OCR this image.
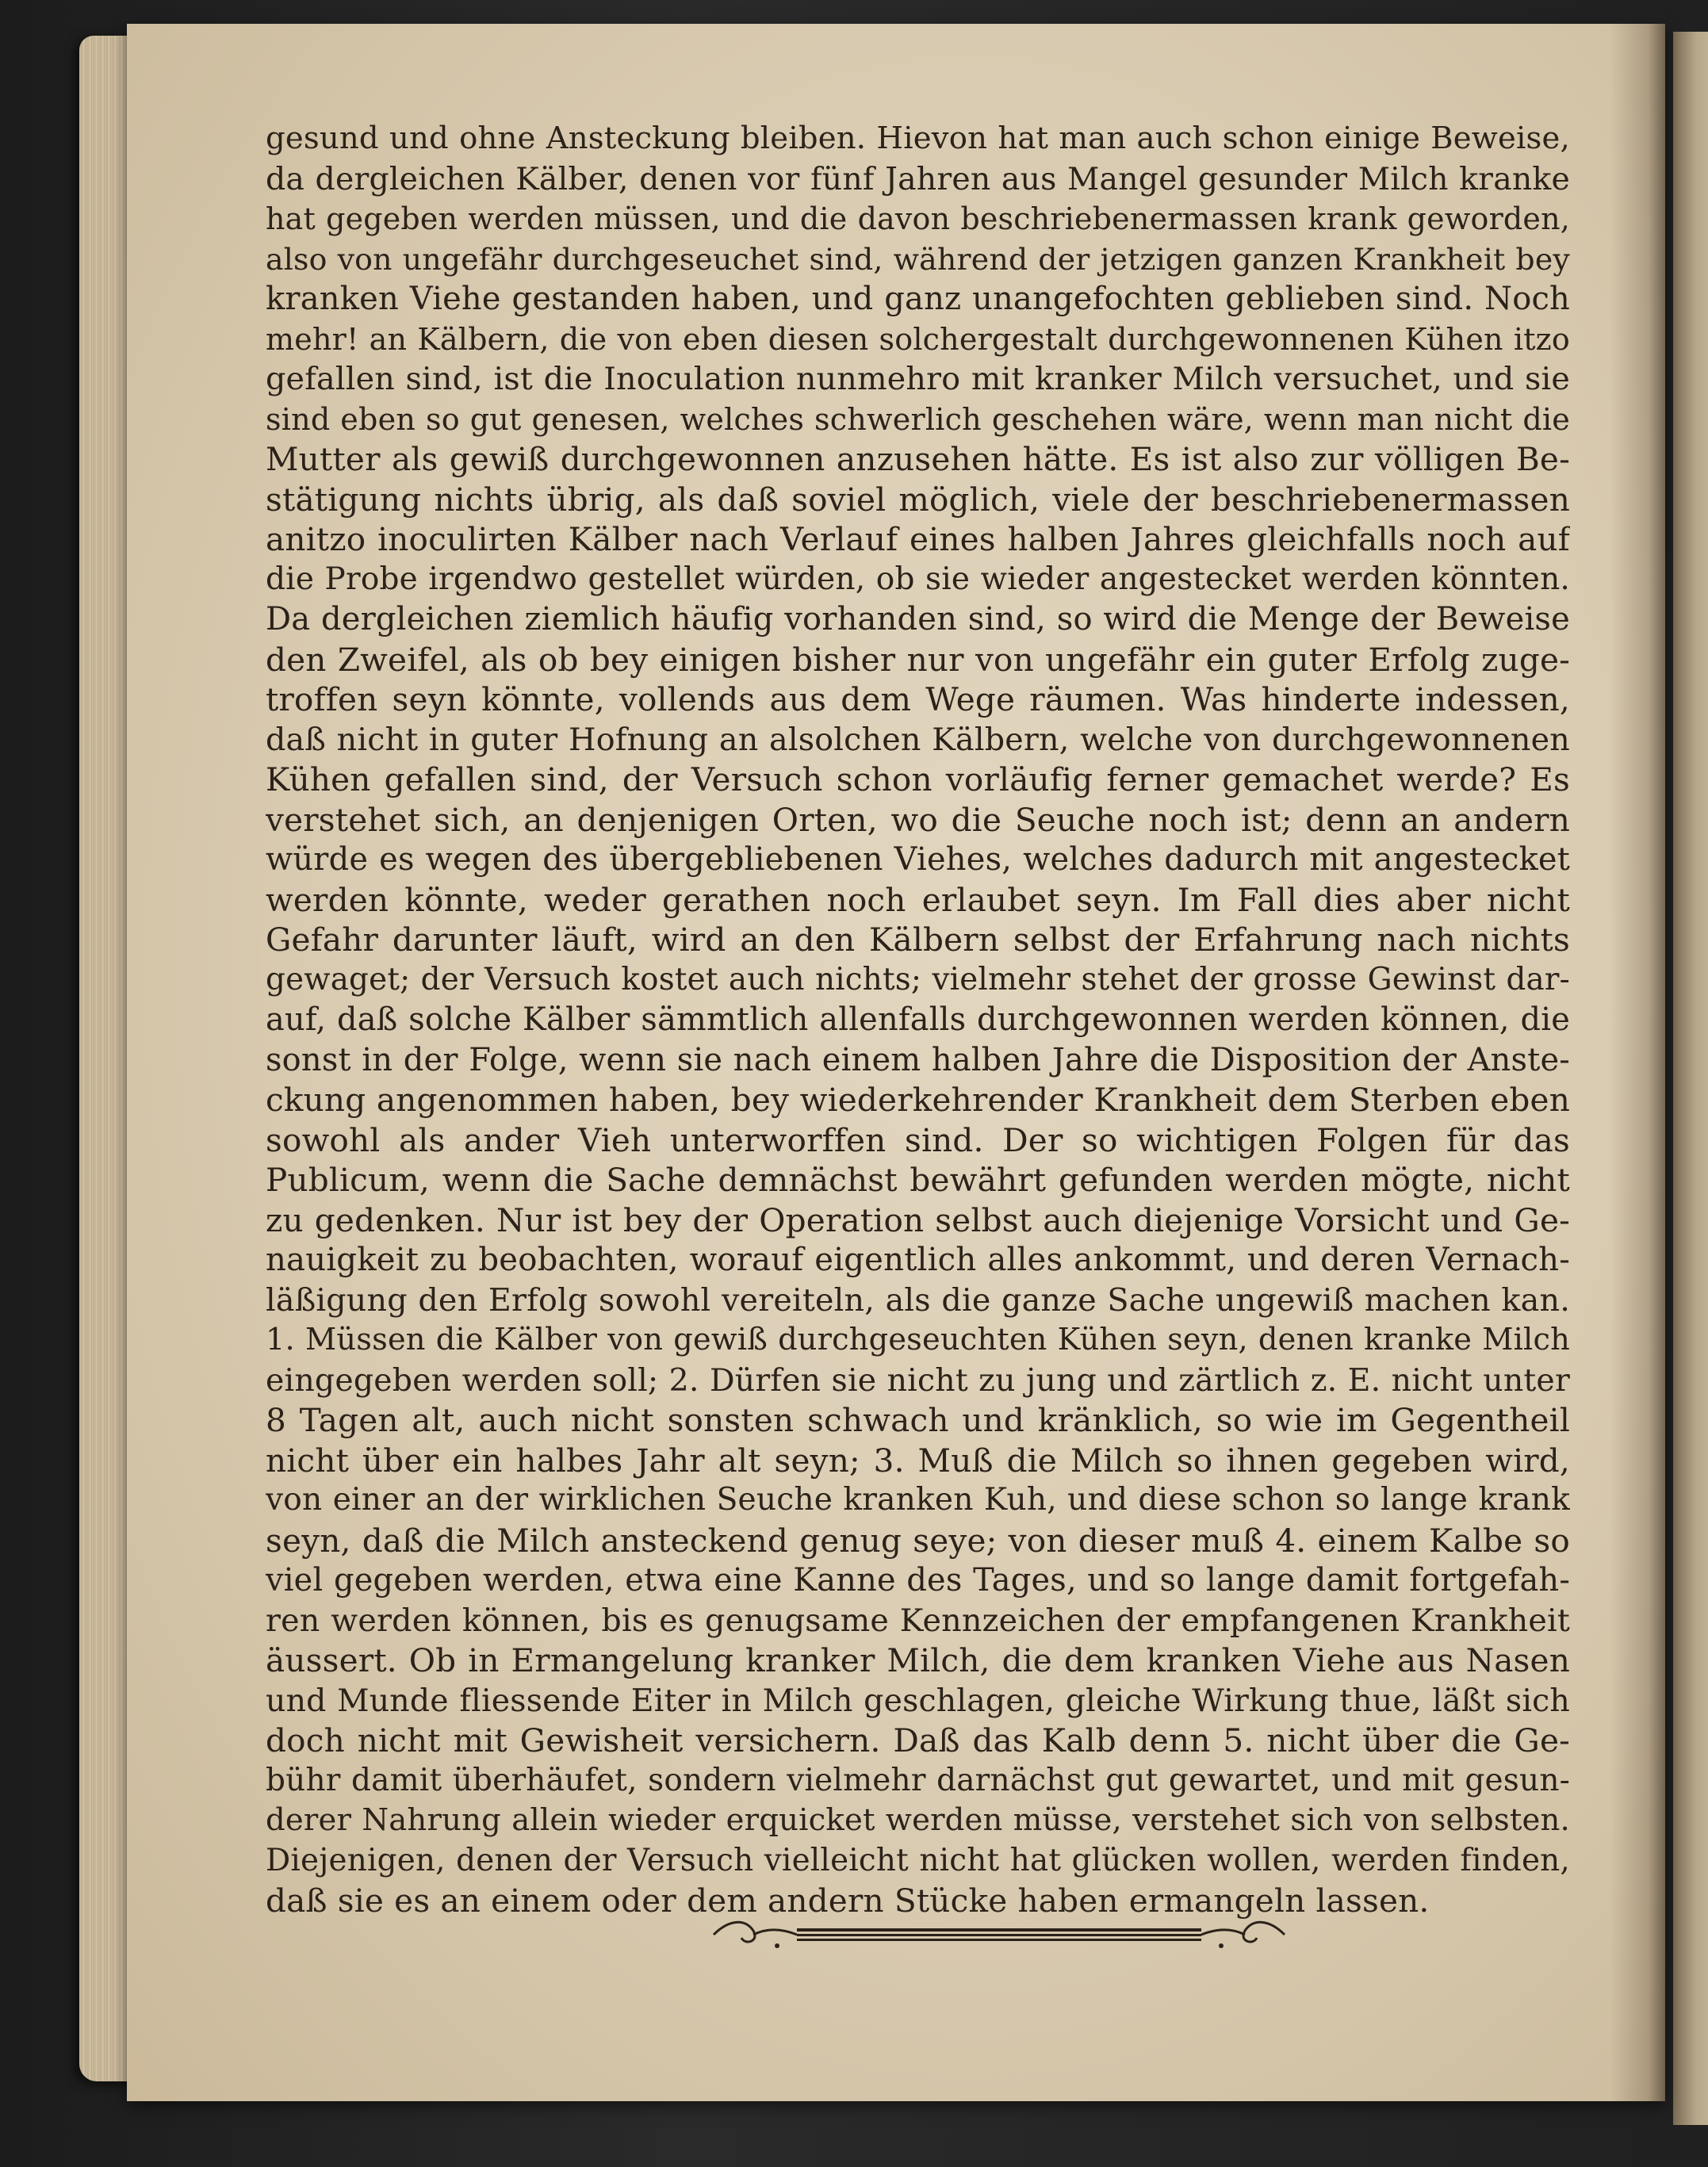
gesund und ohne Ansteckung bleiben. Hievon hat man auch schon einige Beweise,
da dergleichen Kälber, denen vor fünf Jahren aus Mangel gesunder Milch kranke
hat gegeben werden müssen, und die davon beschriebenermassen krank geworden,
also von ungefähr durchgeseuchet sind, während der jetzigen ganzen Krankheit bey
kranken Viehe gestanden haben, und ganz unangefochten geblieben sind. Noch
mehr! an Kälbern, die von eben diesen solchergestalt durchgewonnenen Kühen itzo
gefallen sind, ist die Inoculation nunmehro mit kranker Milch versuchet, und sie
sind eben so gut genesen, welches schwerlich geschehen wäre, wenn man nicht die
Mutter als gewiß durchgewonnen anzusehen hätte. Es ist also zur völligen Be-
stätigung nichts übrig, als daß soviel möglich, viele der beschriebenermassen
anitzo inoculirten Kälber nach Verlauf eines halben Jahres gleichfalls noch auf
die Probe irgendwo gestellet würden, ob sie wieder angestecket werden könnten.
Da dergleichen ziemlich häufig vorhanden sind, so wird die Menge der Beweise
den Zweifel, als ob bey einigen bisher nur von ungefähr ein guter Erfolg zuge-
troffen seyn könnte, vollends aus dem Wege räumen. Was hinderte indessen,
daß nicht in guter Hofnung an alsolchen Kälbern, welche von durchgewonnenen
Kühen gefallen sind, der Versuch schon vorläufig ferner gemachet werde? Es
verstehet sich, an denjenigen Orten, wo die Seuche noch ist; denn an andern
würde es wegen des übergebliebenen Viehes, welches dadurch mit angestecket
werden könnte, weder gerathen noch erlaubet seyn. Im Fall dies aber nicht
Gefahr darunter läuft, wird an den Kälbern selbst der Erfahrung nach nichts
gewaget; der Versuch kostet auch nichts; vielmehr stehet der grosse Gewinst dar-
auf, daß solche Kälber sämmtlich allenfalls durchgewonnen werden können, die
sonst in der Folge, wenn sie nach einem halben Jahre die Disposition der Anste-
ckung angenommen haben, bey wiederkehrender Krankheit dem Sterben eben
sowohl als ander Vieh unterworffen sind. Der so wichtigen Folgen für das
Publicum, wenn die Sache demnächst bewährt gefunden werden mögte, nicht
zu gedenken. Nur ist bey der Operation selbst auch diejenige Vorsicht und Ge-
nauigkeit zu beobachten, worauf eigentlich alles ankommt, und deren Vernach-
läßigung den Erfolg sowohl vereiteln, als die ganze Sache ungewiß machen kan.
1. Müssen die Kälber von gewiß durchgeseuchten Kühen seyn, denen kranke Milch
eingegeben werden soll; 2. Dürfen sie nicht zu jung und zärtlich z. E. nicht unter
8 Tagen alt, auch nicht sonsten schwach und kränklich, so wie im Gegentheil
nicht über ein halbes Jahr alt seyn; 3. Muß die Milch so ihnen gegeben wird,
von einer an der wirklichen Seuche kranken Kuh, und diese schon so lange krank
seyn, daß die Milch ansteckend genug seye; von dieser muß 4. einem Kalbe so
viel gegeben werden, etwa eine Kanne des Tages, und so lange damit fortgefah-
ren werden können, bis es genugsame Kennzeichen der empfangenen Krankheit
äussert. Ob in Ermangelung kranker Milch, die dem kranken Viehe aus Nasen
und Munde fliessende Eiter in Milch geschlagen, gleiche Wirkung thue, läßt sich
doch nicht mit Gewisheit versichern. Daß das Kalb denn 5. nicht über die Ge-
bühr damit überhäufet, sondern vielmehr darnächst gut gewartet, und mit gesun-
derer Nahrung allein wieder erquicket werden müsse, verstehet sich von selbsten.
Diejenigen, denen der Versuch vielleicht nicht hat glücken wollen, werden finden,
daß sie es an einem oder dem andern Stücke haben ermangeln lassen.
